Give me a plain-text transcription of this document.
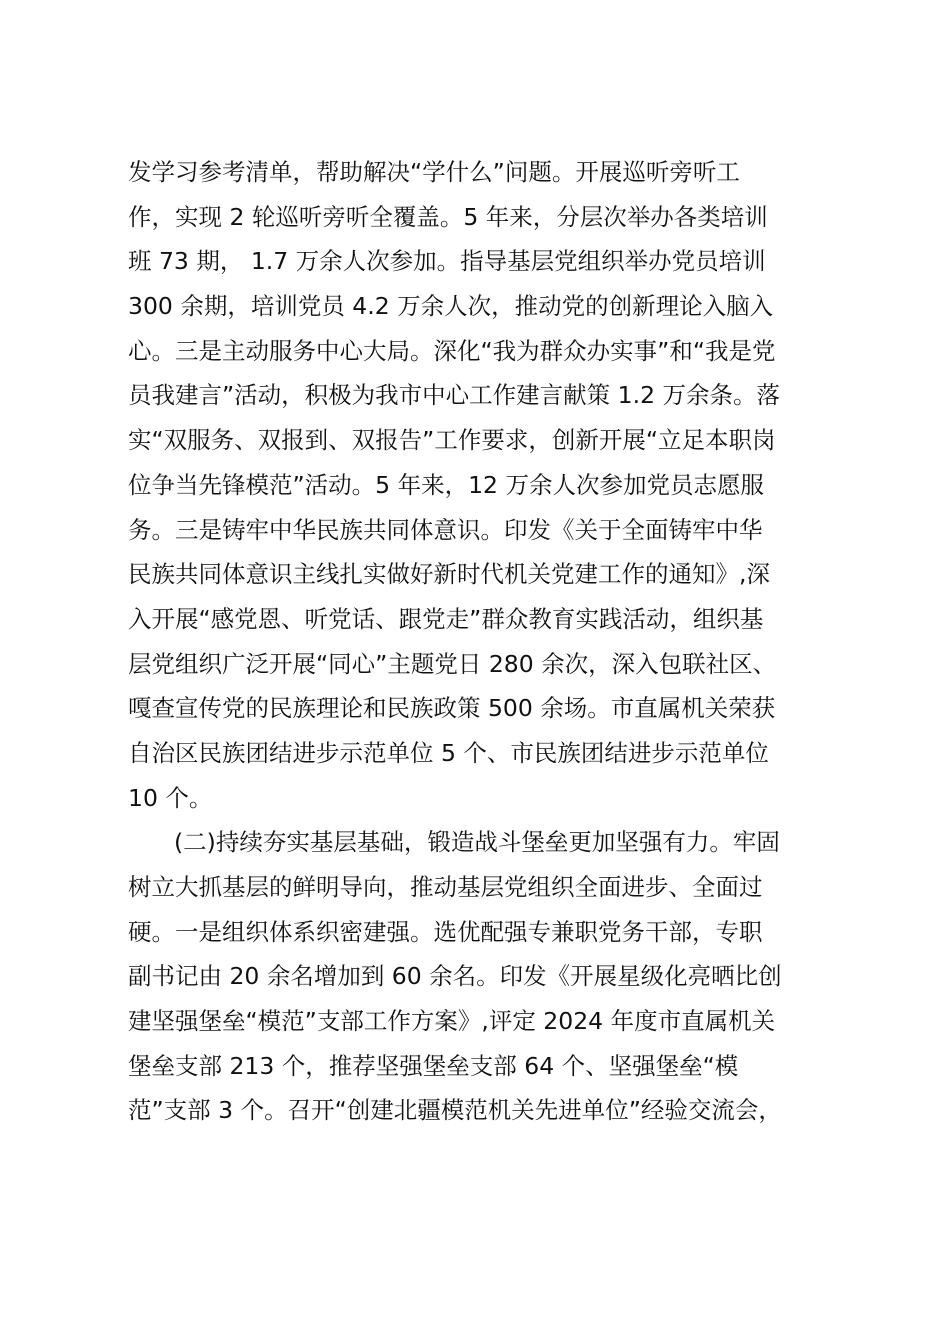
发学习参考清单，帮助解决“学什么”问题。开展巡听旁听工
作，实现 2 轮巡听旁听全覆盖。5 年来，分层次举办各类培训
班 73 期， 1.7 万余人次参加。指导基层党组织举办党员培训
300 余期，培训党员 4.2 万余人次，推动党的创新理论入脑入
心。三是主动服务中心大局。深化“我为群众办实事”和“我是党
员我建言”活动，积极为我市中心工作建言献策 1.2 万余条。落
实“双服务、双报到、双报告”工作要求，创新开展“立足本职岗
位争当先锋模范”活动。5 年来，12 万余人次参加党员志愿服
务。三是铸牢中华民族共同体意识。印发《关于全面铸牢中华
民族共同体意识主线扎实做好新时代机关党建工作的通知》,深
入开展“感党恩、听党话、跟党走”群众教育实践活动，组织基
层党组织广泛开展“同心”主题党日 280 余次，深入包联社区、
嘎查宣传党的民族理论和民族政策 500 余场。市直属机关荣获
自治区民族团结进步示范单位 5 个、市民族团结进步示范单位
10 个。
(二)持续夯实基层基础，锻造战斗堡垒更加坚强有力。牢固
树立大抓基层的鲜明导向，推动基层党组织全面进步、全面过
硬。一是组织体系织密建强。选优配强专兼职党务干部，专职
副书记由 20 余名增加到 60 余名。印发《开展星级化亮晒比创
建坚强堡垒“模范”支部工作方案》,评定 2024 年度市直属机关
堡垒支部 213 个，推荐坚强堡垒支部 64 个、坚强堡垒“模
范”支部 3 个。召开“创建北疆模范机关先进单位”经验交流会，
